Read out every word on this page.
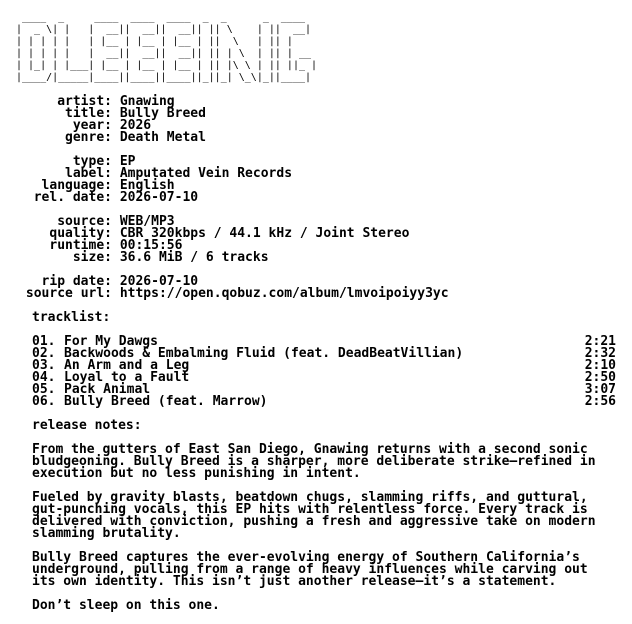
____  _     ____  ____  ____  _  _      _  ____
|  _ \| |   |  __||  __||  __|| || \    | ||  __|
| | | | |   | |__ | |__ | |__ | ||  \   | || |
| | | | |   |  __||  __||  __|| || | \  | || | __
| |_| | |___| |__ | |__ | |__ | || |\ \ | || ||_ |
|____/|_____|____||____||____||_||_| \_\|_||____|
artist: Gnawing
title: Bully Breed
year: 2026
genre: Death Metal
type: EP
label: Amputated Vein Records
language: English
rel. date: 2026-07-10
source: WEB/MP3
quality: CBR 320kbps / 44.1 kHz / Joint Stereo
runtime: 00:15:56
size: 36.6 MiB / 6 tracks
rip date: 2026-07-10
source url: https://open.qobuz.com/album/lmvoipoiyy3yc
tracklist:
01. For My Dawgs	2:21
02. Backwoods & Embalming Fluid (feat. DeadBeatVillian)	2:32
03. An Arm and a Leg	2:10
04. Loyal to a Fault	2:50
05. Pack Animal	3:07
06. Bully Breed (feat. Marrow)	2:56
release notes:
From the gutters of East San Diego, Gnawing returns with a second sonic
bludgeoning. Bully Breed is a sharper, more deliberate strike—refined in
execution but no less punishing in intent.
Fueled by gravity blasts, beatdown chugs, slamming riffs, and guttural,
gut-punching vocals, this EP hits with relentless force. Every track is
delivered with conviction, pushing a fresh and aggressive take on modern
slamming brutality.
Bully Breed captures the ever-evolving energy of Southern California’s
underground, pulling from a range of heavy influences while carving out
its own identity. This isn’t just another release—it’s a statement.
Don’t sleep on this one.
